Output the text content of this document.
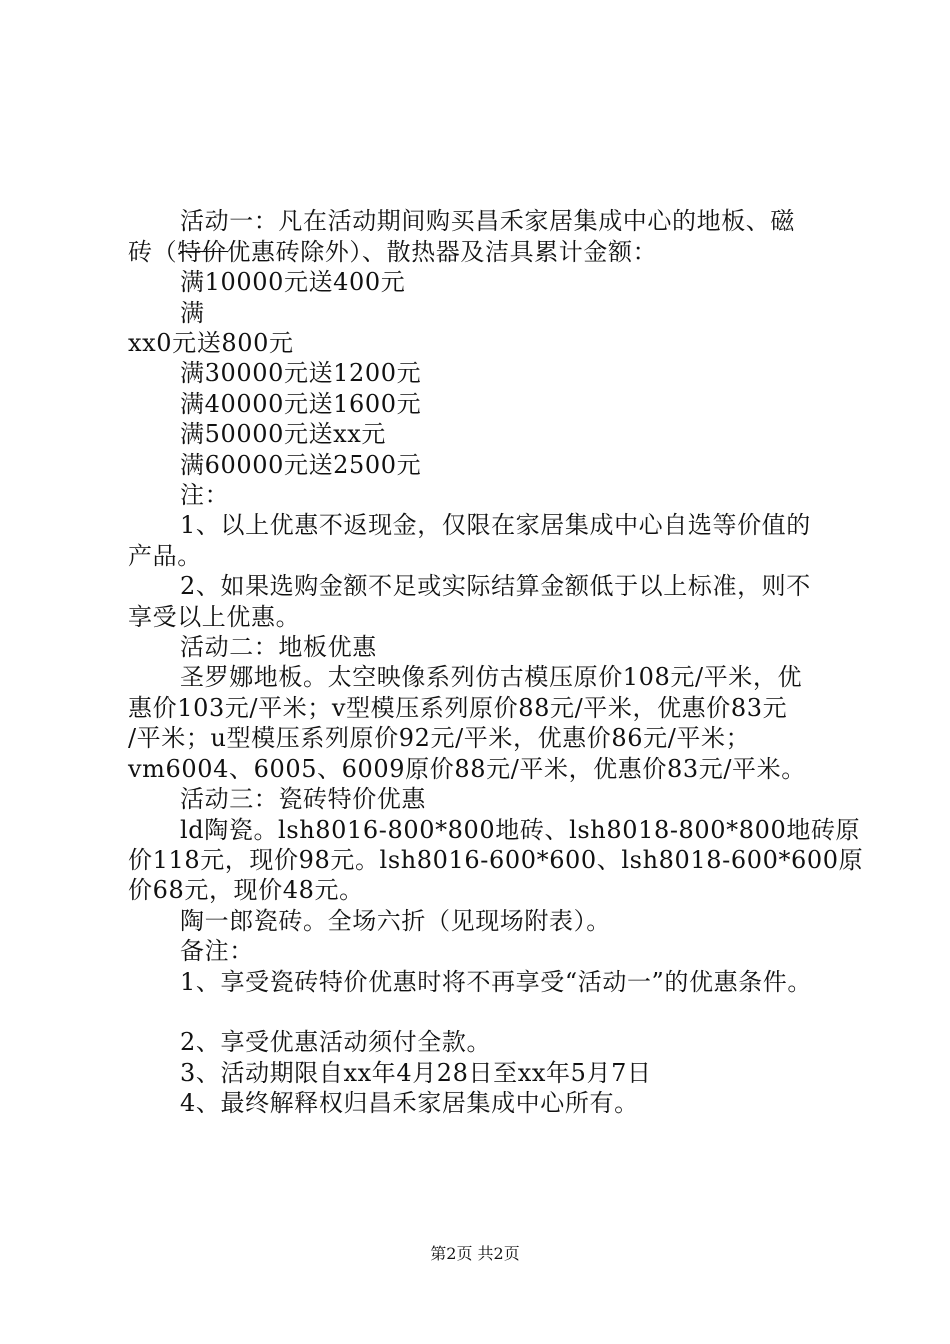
活动一：凡在活动期间购买昌禾家居集成中心的地板、磁
砖（特价优惠砖除外）、散热器及洁具累计金额：
满10000元送400元
满
xx0元送800元
满30000元送1200元
满40000元送1600元
满50000元送xx元
满60000元送2500元
注：
1、以上优惠不返现金，仅限在家居集成中心自选等价值的
产品。
2、如果选购金额不足或实际结算金额低于以上标准，则不
享受以上优惠。
活动二：地板优惠
圣罗娜地板。太空映像系列仿古模压原价108元/平米，优
惠价103元/平米；v型模压系列原价88元/平米，优惠价83元
/平米；u型模压系列原价92元/平米，优惠价86元/平米；
vm6004、6005、6009原价88元/平米，优惠价83元/平米。
活动三：瓷砖特价优惠
ld陶瓷。lsh8016-800*800地砖、lsh8018-800*800地砖原
价118元，现价98元。lsh8016-600*600、lsh8018-600*600原
价68元，现价48元。
陶一郎瓷砖。全场六折（见现场附表）。
备注：
1、享受瓷砖特价优惠时将不再享受“活动一”的优惠条件。
2、享受优惠活动须付全款。
3、活动期限自xx年4月28日至xx年5月7日
4、最终解释权归昌禾家居集成中心所有。
第2页 共2页
